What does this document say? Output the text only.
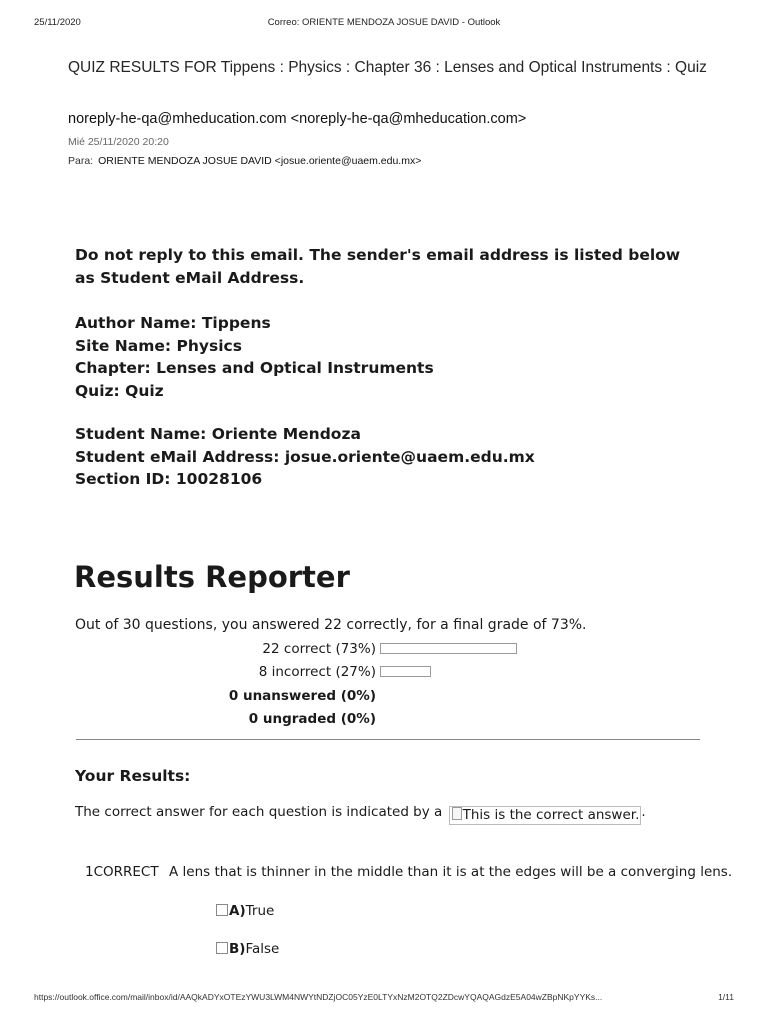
25/11/2020	Correo: ORIENTE MENDOZA JOSUE DAVID - Outlook
QUIZ RESULTS FOR Tippens : Physics : Chapter 36 : Lenses and Optical Instruments : Quiz
noreply-he-qa@mheducation.com <noreply-he-qa@mheducation.com>
Mié 25/11/2020 20:20
Para: ORIENTE MENDOZA JOSUE DAVID <josue.oriente@uaem.edu.mx>
Do not reply to this email. The sender's email address is listed below as Student eMail Address.
Author Name: Tippens
Site Name: Physics
Chapter: Lenses and Optical Instruments
Quiz: Quiz
Student Name: Oriente Mendoza
Student eMail Address: josue.oriente@uaem.edu.mx
Section ID: 10028106
Results Reporter
Out of 30 questions, you answered 22 correctly, for a final grade of 73%.
22 correct (73%)
8 incorrect (27%)
0 unanswered (0%)
0 ungraded (0%)
Your Results:
The correct answer for each question is indicated by a This is the correct answer. .
1CORRECT A lens that is thinner in the middle than it is at the edges will be a converging lens.
A)True
B)False
https://outlook.office.com/mail/inbox/id/AAQkADYxOTEzYWU3LWM4NWYtNDZjOC05YzE0LTYxNzM2OTQ2ZDcwYQAQAGdzE5A04wZBpNKpYYKs...	1/11
